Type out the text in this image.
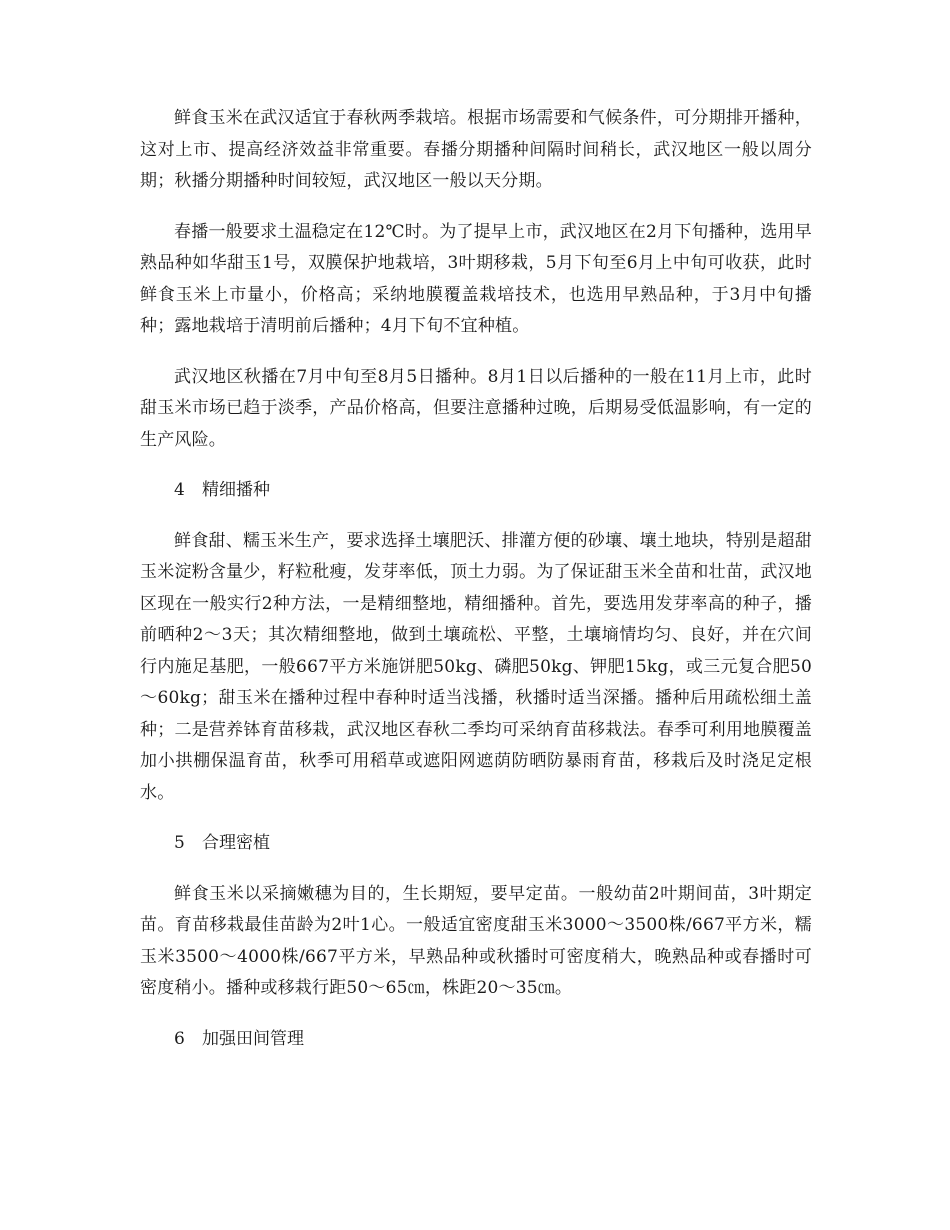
鲜食玉米在武汉适宜于春秋两季栽培。根据市场需要和气候条件，可分期排开播种，这对上市、提高经济效益非常重要。春播分期播种间隔时间稍长，武汉地区一般以周分期；秋播分期播种时间较短，武汉地区一般以天分期。

春播一般要求土温稳定在12℃时。为了提早上市，武汉地区在2月下旬播种，选用早熟品种如华甜玉1号，双膜保护地栽培，3叶期移栽，5月下旬至6月上中旬可收获，此时鲜食玉米上市量小，价格高；采纳地膜覆盖栽培技术，也选用早熟品种，于3月中旬播种；露地栽培于清明前后播种；4月下旬不宜种植。

武汉地区秋播在7月中旬至8月5日播种。8月1日以后播种的一般在11月上市，此时甜玉米市场已趋于淡季，产品价格高，但要注意播种过晚，后期易受低温影响，有一定的生产风险。

4 精细播种

鲜食甜、糯玉米生产，要求选择土壤肥沃、排灌方便的砂壤、壤土地块，特别是超甜玉米淀粉含量少，籽粒秕瘦，发芽率低，顶土力弱。为了保证甜玉米全苗和壮苗，武汉地区现在一般实行2种方法，一是精细整地，精细播种。首先，要选用发芽率高的种子，播前晒种2～3天；其次精细整地，做到土壤疏松、平整，土壤墒情均匀、良好，并在穴间行内施足基肥，一般667平方米施饼肥50kg、磷肥50kg、钾肥15kg，或三元复合肥50～60kg；甜玉米在播种过程中春种时适当浅播，秋播时适当深播。播种后用疏松细土盖种；二是营养钵育苗移栽，武汉地区春秋二季均可采纳育苗移栽法。春季可利用地膜覆盖加小拱棚保温育苗，秋季可用稻草或遮阳网遮荫防晒防暴雨育苗，移栽后及时浇足定根水。

5 合理密植

鲜食玉米以采摘嫩穗为目的，生长期短，要早定苗。一般幼苗2叶期间苗，3叶期定苗。育苗移栽最佳苗龄为2叶1心。一般适宜密度甜玉米3000～3500株/667平方米，糯玉米3500～4000株/667平方米，早熟品种或秋播时可密度稍大，晚熟品种或春播时可密度稍小。播种或移栽行距50～65㎝，株距20～35㎝。

6 加强田间管理
